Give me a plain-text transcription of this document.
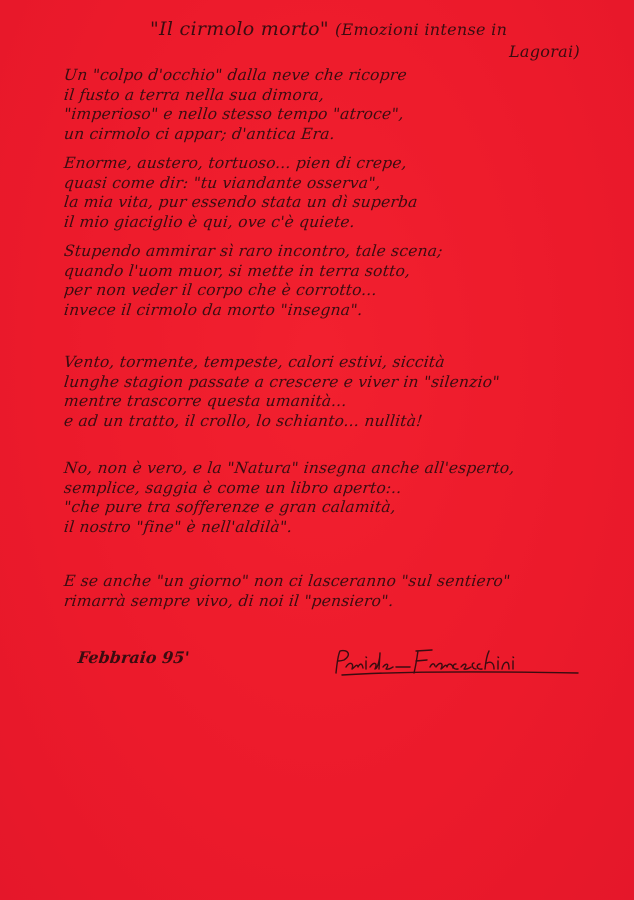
"Il cirmolo morto" (Emozioni intense in
Lagorai)
Un "colpo d'occhio" dalla neve che ricopre
il fusto a terra nella sua dimora,
"imperioso" e nello stesso tempo "atroce",
un cirmolo ci appar; d'antica Era.
Enorme, austero, tortuoso... pien di crepe,
quasi come dir: "tu viandante osserva",
la mia vita, pur essendo stata un dì superba
il mio giaciglio è qui, ove c'è quiete.
Stupendo ammirar sì raro incontro, tale scena;
quando l'uom muor, si mette in terra sotto,
per non veder il corpo che è corrotto...
invece il cirmolo da morto "insegna".
Vento, tormente, tempeste, calori estivi, siccità
lunghe stagion passate a crescere e viver in "silenzio"
mentre trascorre questa umanità...
e ad un tratto, il crollo, lo schianto... nullità!
No, non è vero, e la "Natura" insegna anche all'esperto,
semplice, saggia è come un libro aperto:..
"che pure tra sofferenze e gran calamità,
il nostro "fine" è nell'aldilà".
E se anche "un giorno" non ci lasceranno "sul sentiero"
rimarrà sempre vivo, di noi il "pensiero".
Febbraio 95'
